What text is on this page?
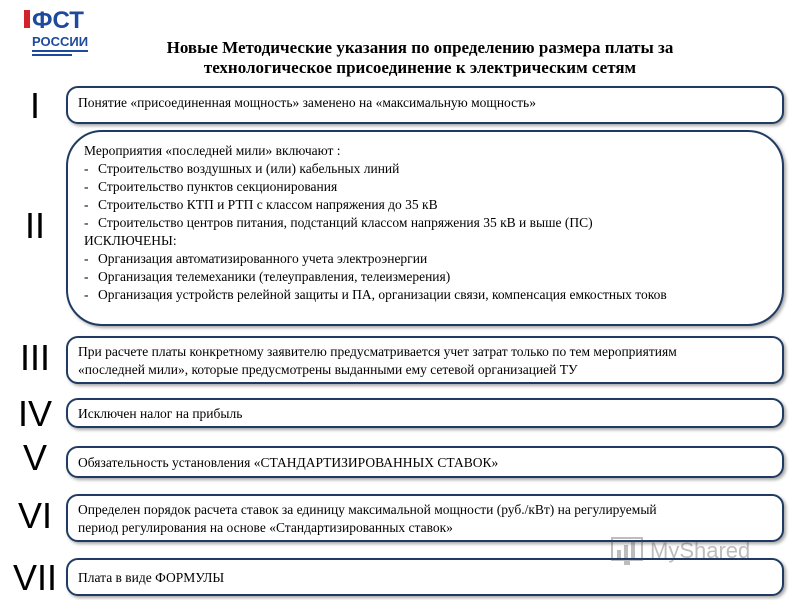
ФСТ
РОССИИ	Новые Методические указания по определению размера платы за
технологическое присоединение к электрическим сетям
I	Понятие «присоединенная мощность» заменено на «максимальную мощность»
II
Мероприятия «последней мили» включают :
- Строительство воздушных и (или) кабельных линий
- Строительство пунктов секционирования
- Строительство КТП и РТП с классом напряжения до 35 кВ
- Строительство центров питания, подстанций классом напряжения 35 кВ и выше (ПС)
ИСКЛЮЧЕНЫ:
- Организация автоматизированного учета электроэнергии
- Организация телемеханики (телеуправления, телеизмерения)
- Организация устройств релейной защиты и ПА, организации связи, компенсация емкостных токов
III	При расчете платы конкретному заявителю предусматривается учет затрат только по тем мероприятиям
«последней мили», которые предусмотрены выданными ему сетевой организацией ТУ
IV	Исключен налог на прибыль
V	Обязательность установления «СТАНДАРТИЗИРОВАННЫХ СТАВОК»
VI	Определен порядок расчета ставок за единицу максимальной мощности (руб./кВт) на регулируемый
период регулирования на основе «Стандартизированных ставок»
VII	Плата в виде ФОРМУЛЫ
MyShared
